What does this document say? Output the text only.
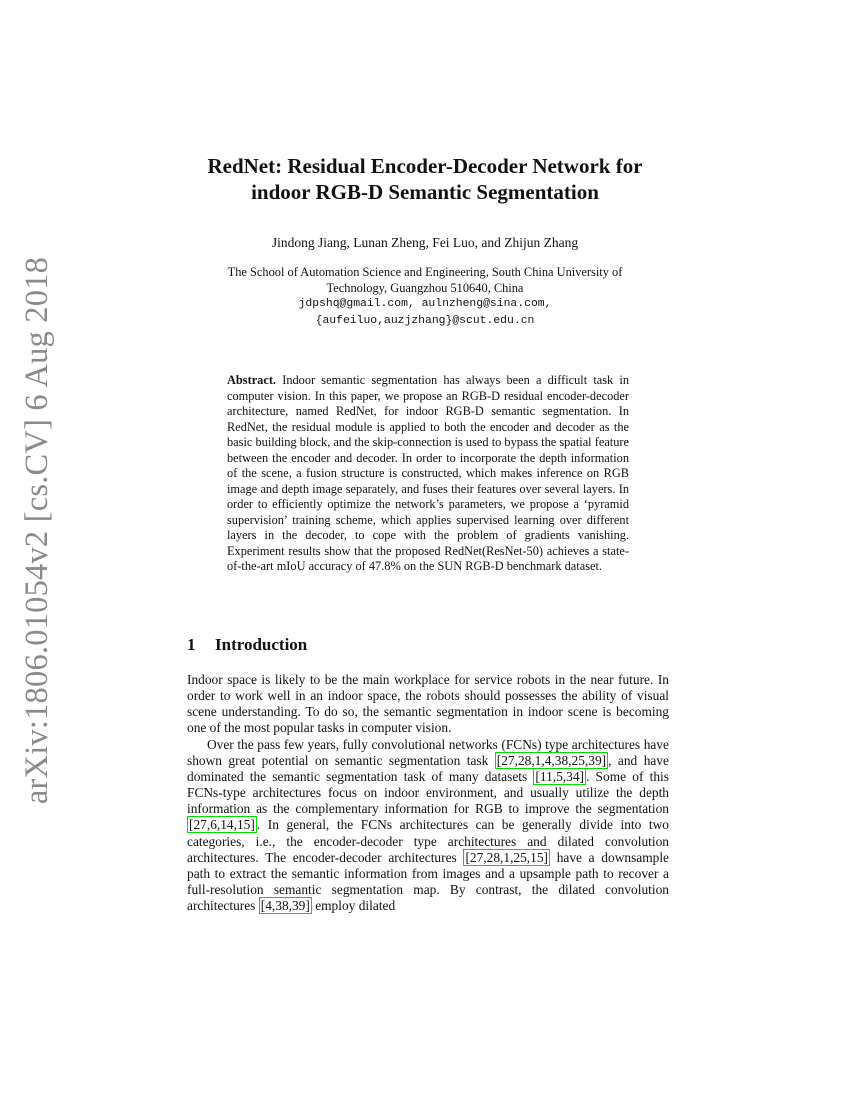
arXiv:1806.01054v2 [cs.CV] 6 Aug 2018
RedNet: Residual Encoder-Decoder Network for
indoor RGB-D Semantic Segmentation
Jindong Jiang, Lunan Zheng, Fei Luo, and Zhijun Zhang
The School of Automation Science and Engineering, South China University of
Technology, Guangzhou 510640, China
jdpshq@gmail.com, aulnzheng@sina.com,
{aufeiluo,auzjzhang}@scut.edu.cn
Abstract. Indoor semantic segmentation has always been a difficult task in computer vision. In this paper, we propose an RGB-D residual encoder-decoder architecture, named RedNet, for indoor RGB-D semantic segmentation. In RedNet, the residual module is applied to both the encoder and decoder as the basic building block, and the skip-connection is used to bypass the spatial feature between the encoder and decoder. In order to incorporate the depth information of the scene, a fusion structure is constructed, which makes inference on RGB image and depth image separately, and fuses their features over several layers. In order to efficiently optimize the network’s parameters, we propose a ‘pyramid supervision’ training scheme, which applies supervised learning over different layers in the decoder, to cope with the problem of gradients vanishing. Experiment results show that the proposed RedNet(ResNet-50) achieves a state-of-the-art mIoU accuracy of 47.8% on the SUN RGB-D benchmark dataset.
1 Introduction

Indoor space is likely to be the main workplace for service robots in the near future. In order to work well in an indoor space, the robots should possesses the ability of visual scene understanding. To do so, the semantic segmentation in indoor scene is becoming one of the most popular tasks in computer vision.

Over the pass few years, fully convolutional networks (FCNs) type architectures have shown great potential on semantic segmentation task [27,28,1,4,38,25,39] , and have dominated the semantic segmentation task of many datasets [11,5,34] . Some of this FCNs-type architectures focus on indoor environment, and usually utilize the depth information as the complementary information for RGB to improve the segmentation [27,6,14,15] . In general, the FCNs architectures can be generally divide into two categories, i.e., the encoder-decoder type architectures and dilated convolution architectures. The encoder-decoder architectures [27,28,1,25,15] have a downsample path to extract the semantic information from images and a upsample path to recover a full-resolution semantic segmentation map. By contrast, the dilated convolution architectures [4,38,39] employ dilated
